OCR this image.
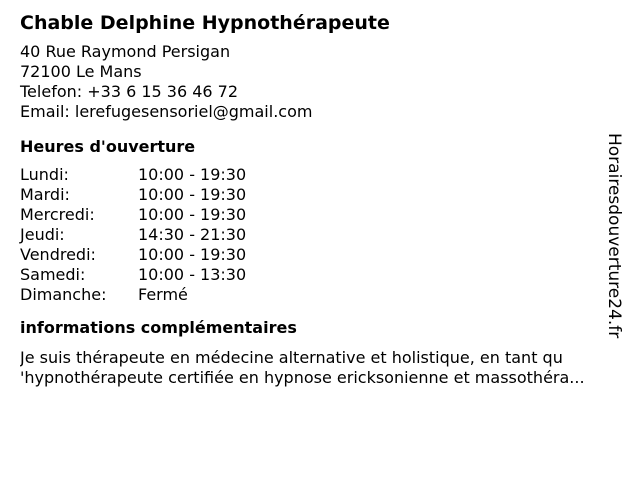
Chable Delphine Hypnothérapeute
40 Rue Raymond Persigan
72100 Le Mans
Telefon: +33 6 15 36 46 72
Email: lerefugesensoriel@gmail.com
Heures d'ouverture
Lundi:	10:00 - 19:30
Mardi:	10:00 - 19:30
Mercredi:	10:00 - 19:30
Jeudi:	14:30 - 21:30
Vendredi:	10:00 - 19:30
Samedi:	10:00 - 13:30
Dimanche:	Fermé
informations complémentaires
Je suis thérapeute en médecine alternative et holistique, en tant qu
'hypnothérapeute certifiée en hypnose ericksonienne et massothéra...
Horairesdouverture24.fr
